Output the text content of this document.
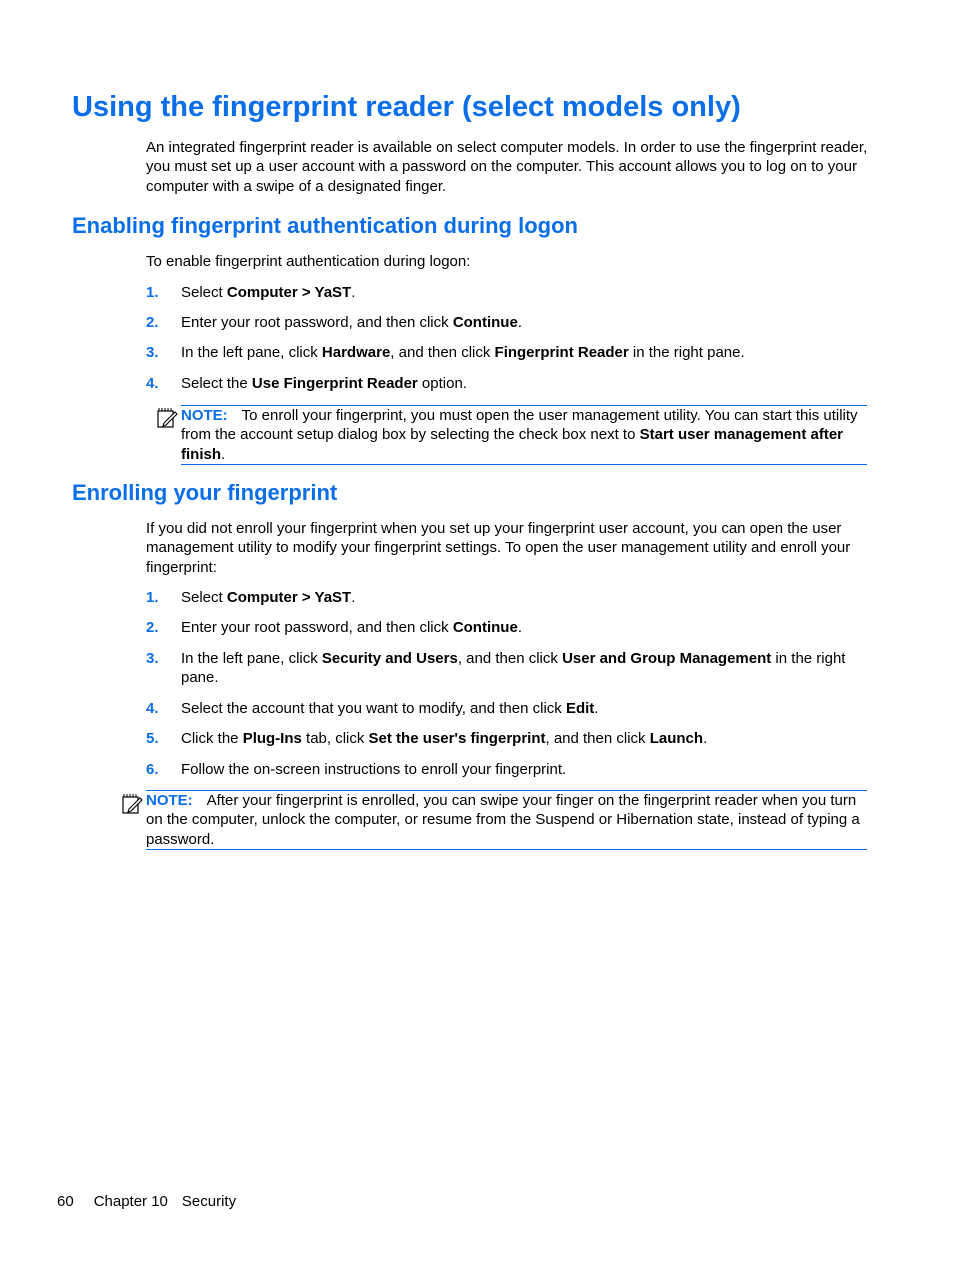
Using the fingerprint reader (select models only)
An integrated fingerprint reader is available on select computer models. In order to use the fingerprint reader, you must set up a user account with a password on the computer. This account allows you to log on to your computer with a swipe of a designated finger.
Enabling fingerprint authentication during logon
To enable fingerprint authentication during logon:
1. Select Computer > YaST.
2. Enter your root password, and then click Continue.
3. In the left pane, click Hardware, and then click Fingerprint Reader in the right pane.
4. Select the Use Fingerprint Reader option.
NOTE: To enroll your fingerprint, you must open the user management utility. You can start this utility from the account setup dialog box by selecting the check box next to Start user management after finish.
Enrolling your fingerprint
If you did not enroll your fingerprint when you set up your fingerprint user account, you can open the user management utility to modify your fingerprint settings. To open the user management utility and enroll your fingerprint:
1. Select Computer > YaST.
2. Enter your root password, and then click Continue.
3. In the left pane, click Security and Users, and then click User and Group Management in the right pane.
4. Select the account that you want to modify, and then click Edit.
5. Click the Plug-Ins tab, click Set the user's fingerprint, and then click Launch.
6. Follow the on-screen instructions to enroll your fingerprint.
NOTE: After your fingerprint is enrolled, you can swipe your finger on the fingerprint reader when you turn on the computer, unlock the computer, or resume from the Suspend or Hibernation state, instead of typing a password.
60 Chapter 10 Security
